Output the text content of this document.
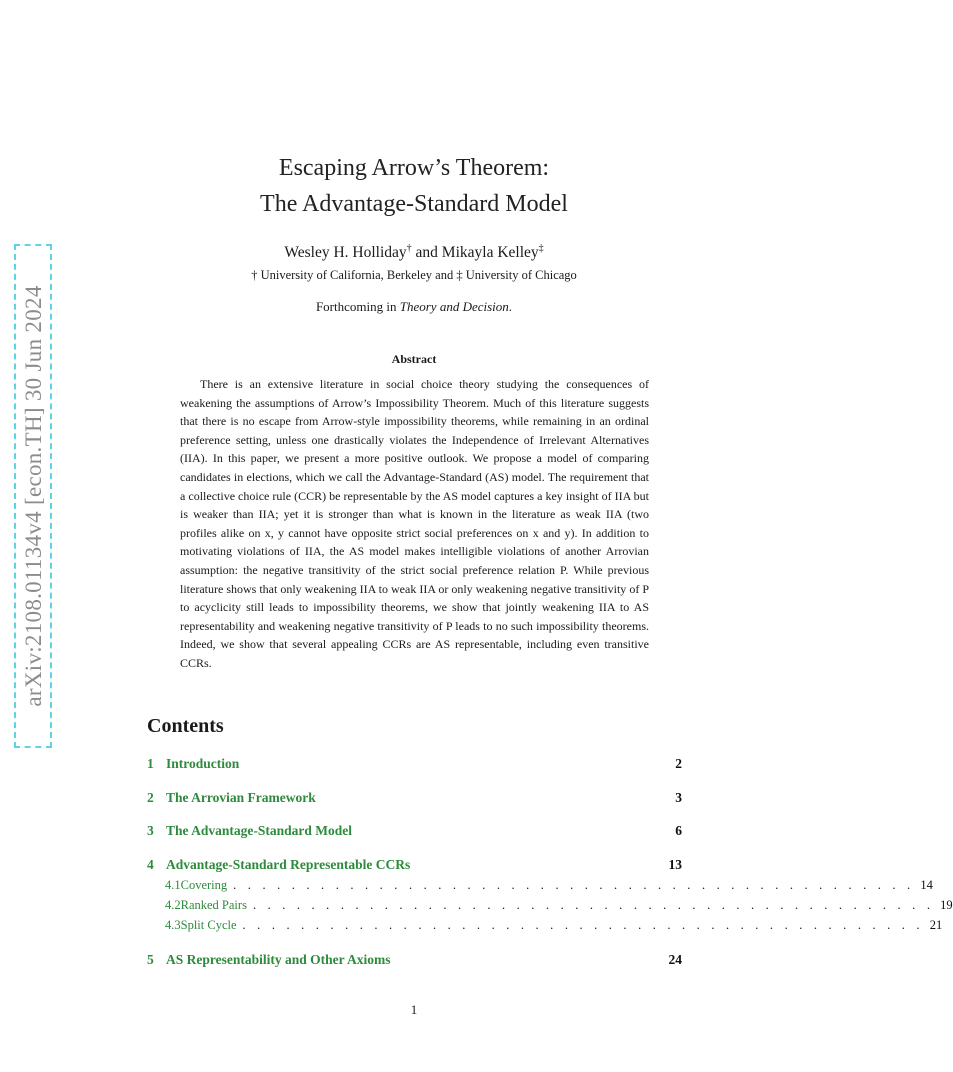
arXiv:2108.01134v4 [econ.TH] 30 Jun 2024
Escaping Arrow’s Theorem:
The Advantage-Standard Model
Wesley H. Holliday† and Mikayla Kelley‡
† University of California, Berkeley and ‡ University of Chicago
Forthcoming in Theory and Decision.
Abstract

There is an extensive literature in social choice theory studying the consequences of weakening the assumptions of Arrow’s Impossibility Theorem. Much of this literature suggests that there is no escape from Arrow-style impossibility theorems, while remaining in an ordinal preference setting, unless one drastically violates the Independence of Irrelevant Alternatives (IIA). In this paper, we present a more positive outlook. We propose a model of comparing candidates in elections, which we call the Advantage-Standard (AS) model. The requirement that a collective choice rule (CCR) be representable by the AS model captures a key insight of IIA but is weaker than IIA; yet it is stronger than what is known in the literature as weak IIA (two profiles alike on x, y cannot have opposite strict social preferences on x and y). In addition to motivating violations of IIA, the AS model makes intelligible violations of another Arrovian assumption: the negative transitivity of the strict social preference relation P. While previous literature shows that only weakening IIA to weak IIA or only weakening negative transitivity of P to acyclicity still leads to impossibility theorems, we show that jointly weakening IIA to AS representability and weakening negative transitivity of P leads to no such impossibility theorems. Indeed, we show that several appealing CCRs are AS representable, including even transitive CCRs.

Contents
1 Introduction	2
2 The Arrovian Framework	3
3 The Advantage-Standard Model	6
4 Advantage-Standard Representable CCRs	13
4.1 Covering . . . . . . . . . . . . . . . . . . . . . . . . . . . . . . . . . . . . . . . . . . . . . . . 14
4.2 Ranked Pairs . . . . . . . . . . . . . . . . . . . . . . . . . . . . . . . . . . . . . . . . . . . . . . . 19
4.3 Split Cycle . . . . . . . . . . . . . . . . . . . . . . . . . . . . . . . . . . . . . . . . . . . . . . . 21
5 AS Representability and Other Axioms	24
1
